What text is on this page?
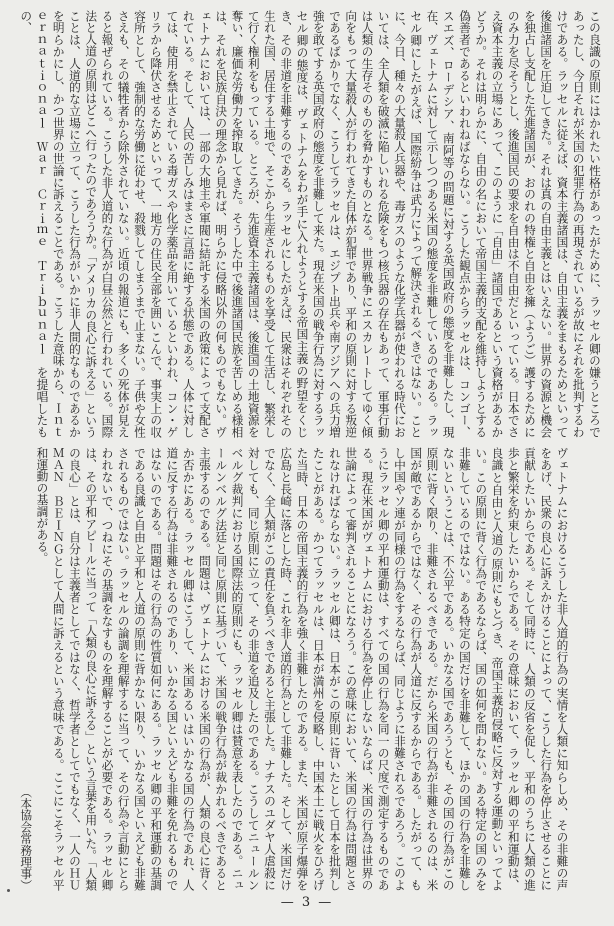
この良識の原則にはかれたい性格があったがために、ラッセル卿の嫌うところであったし、今日それが米国の犯罪行為の再現されているが故にそれを批判するわけである。ラッセルに従えば、資本主義諸国は、自由主義をまもるためといって後進諸国を圧迫してきた。それは真の自由主義とはいえない。世界の資源と機会を独占し支配した先進諸国が、おのれの特権と自由を擁（ようご）護するためにのみ力を尽そうとし、後進国民の要求を自由は不自由だといっている。日本でさえ資本主義の立場にあって、このように「自由」諸国であるという資格があるかどうか。それは明らかに、自由の名において帝国主義的支配を維持しようとする偽善者であるといわれねばならない。こうした観点からラッセルは、コンゴー、スエズ、ローデシア、南阿等の問題に対する英国政府の態度を非難したし、現在、ヴェトナムに対して示しつつある米国の態度を非難しているのである。ラッセル卿にしたがえば、国際紛争は武力によって解決されるべきではない。ことに、今日、種々の大量殺人兵器や、毒ガスのような化学兵器が使われる時代においては、全人類を破滅に陥しいれる危険をもつ核兵器の存在もあって、軍事行動は人類の生存そのものを脅かすものとなる。世界戦争にエスカレートしてゆく傾向をもって大量殺人が行われてきた自体が犯罪であり、平和の原則に対する叛逆であるばかりでなく、こうしてラッセルは、エジプト出兵や南アジアへの兵力増強を敢てする英国政府の態度を非難して来た。現在米国の戦争行為に対するラッセル卿の態度は、ヴェトナムをわが手に入れようとする帝国主義の野望をくじき、その非道を非難するのである。ラッセルにしたがえば、民衆はそれぞれその生れた国、居住する土地で、そこから生産されるものを享受して生活し、繁栄して行く権利をもっている。ところが、先進資本主義諸国は、後進国の土地資源を奪い、廉価な労働力を搾取してきた。そうした中で後進諸国民族を苦しめる様相は、それを民族自決の理念から見れば、明らかに侵略以外の何ものでもない。ヴェトナムにおいては、一部の大地主や軍閥に結託する米国の政策によって支配されている。そして、人民の苦しみはまさに言語に絶する状態である。人体に対しては、使用を禁止されている毒ガスや化学薬品を用いているといわれ、コン・ゲリラから降伏させるためといって、一地方の住民全部を囲いこんで、事実上の収容所として、強制的な労働に従わせ、殺戮してしまうまで止まない。子供や女性さえも、その犠牲者から除外されていない。近頃の報道にも、多くの死体が見えると報ぜられている。こうした非人道的な行為が白昼公然と行われている。国際法と人道の原則はどこへ行ったのであろうか。「アメリカの良心に訴える」ということは、人道的な立場に立って、こうした行為がいかに非人間的なものであるかを明らかにし、かつ世界の世論に訴えることである。こうした意味から、Ｉｎｔｅｒｎａｔｉｏｎａｌ　Ｗａｒ　Ｃｒｉｍｅ　Ｔｒｉｂｕｎａｌ　を提唱したもの、
ヴェトナムにおけるこうした非人道的行為の実情を人類に知らしめ、その非難の声をあげ、民衆の良心に訴えかけることによって、こうした行為を停止させることに貢献したいからである。そして同時に、人類の反省を促し、平和のうちに人類の進歩と繁栄を約束したいからである。その意味において、ラッセル卿の平和運動は、良識と自由と人道の原則にもとづき、帝国主義的侵略に反対する運動といってよい。この原則に背く行為であるならば、国の如何を問わない。ある特定の国のみを非難しているのではない。ある特定の国だけを非難して、ほかの国の行為を非難しないということは、不公平である。いかなる国であろうとも、その国の行為がこの原則に背く限り、非難されるべきである。だから米国の行為が非難されるのは、米国が敵であるからではなく、その行為が人道に反するからである。したがって、もし中国やソ連が同様の行為をするならば、同じように非難されるであろう。このようにラッセル卿の平和運動は、すべての国の行為を同一の尺度で測定するものである。現在米国がヴェトナムにおける行為を停止しないならば、米国の行為は世界の世論によって審判されることになろう。この意味において、米国の行為は問題とされなければならない。ラッセル卿は、日本がこの原則に背いたとして日本を批判したことがある。かつてラッセルは、日本が満州を侵略し、中国本土に戦火をひろげた当時、日本の帝国主義的行為を強く非難したのである。また、米国が原子爆弾を広島と長崎に落とした時、これを非人道的行為として非難した。そして、米国だけでなく、全人類がこの責任を負うべきであると主張した。ナチスのユダヤ人虐殺に対しても、同じ原則に立って、その非道を追及したのである。こうしてニュールンベルグ裁判における国際法的原則にも、ラッセル卿は賛意を表したのである。ニュールンベルグ法廷と同じ原則に基づいて、米国の戦争行為が裁かれるべきであると主張するのである。問題は、ヴェトナムにおける米国の行為が、人類の良心に背くか否かにある。ラッセル卿はこうして、米国あるいはいかなる国の行為であれ、人道に反する行為は非難されるのであり、いかなる国といえども非難を免れるものではないのである。問題はその行為の性質如何にある。ラッセル卿の平和運動の基調である良識と自由と平和と人道の原則に背かない限り、いかなる国といえども非難されるものではない。ラッセルの論調を理解するに当って、その行為や言動にとらわれないで、つねにその基調をなすものを理解することが必要である。ラッセル卿は、その平和アピールに当って「人類の良心に訴える」という言葉を用いた。「人類の良心」とは、自分は主義者としてではなく、哲学者としてでもなく、一人のＨＵＭＡＮ　ＢＥＩＮＧとして人間に訴えるという意味である。ここにこそラッセル平和運動の基調がある。
（本協会常務理事）
— 3 —
